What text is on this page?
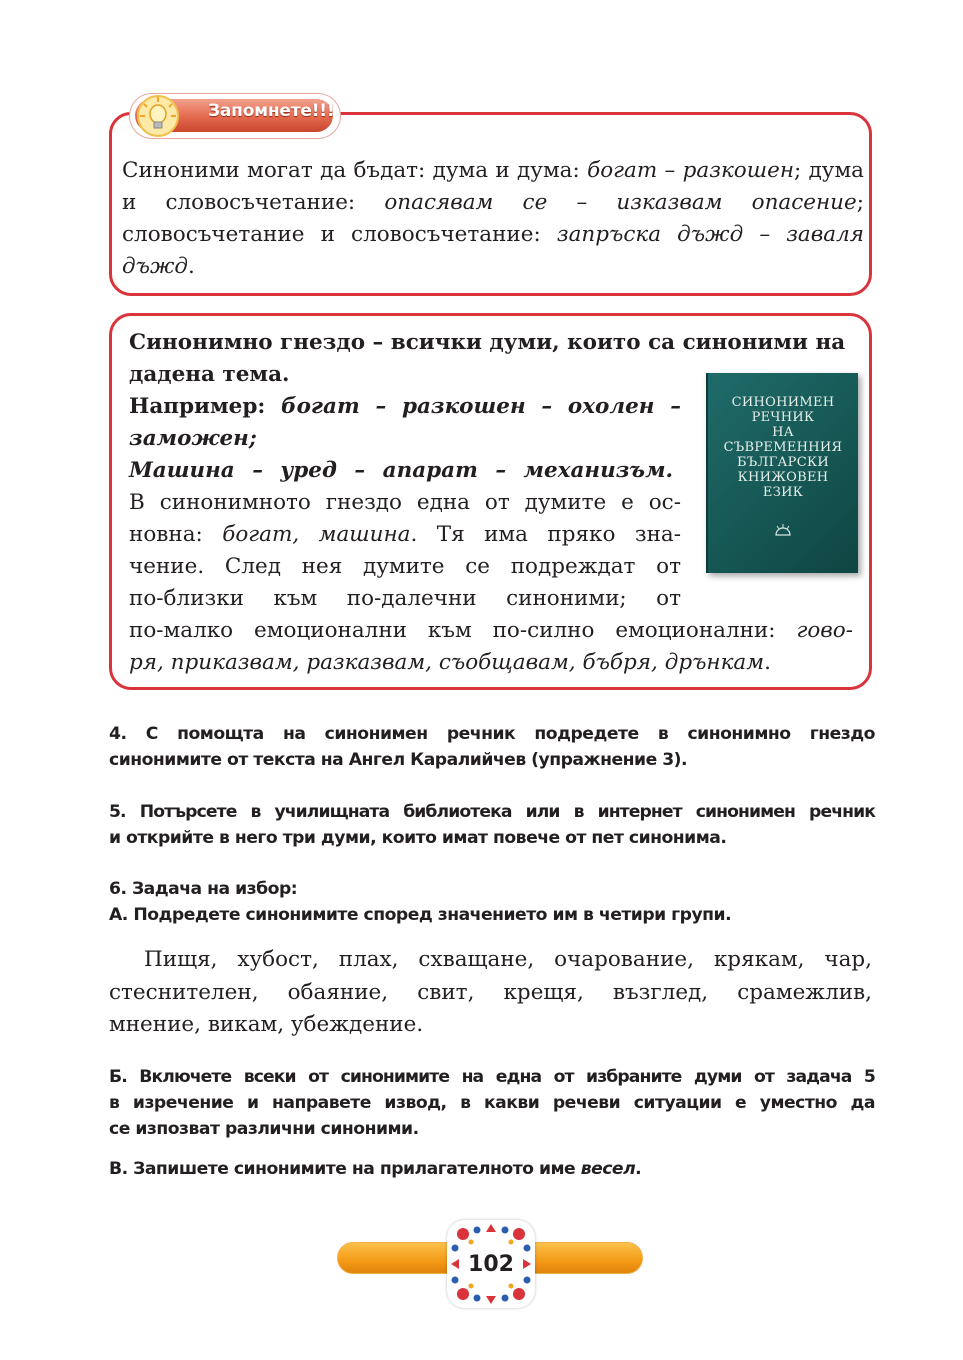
Запомнете!!!

Синоними могат да бъдат: дума и дума: богат – разкошен; дума и словосъчетание: опасявам се – изказвам опасение; словосъчетание и словосъчетание: запръска дъжд – заваля дъжд.

Синонимно гнездо – всички думи, които са синоними на

дадена тема.

Например: богат – разкошен – охолен –

заможен;

Машина – уред – апарат – механизъм.

В синонимното гнездо една от думите е ос-

новна: богат, машина. Тя има пряко зна-

чение. След нея думите се подреждат от

по-близки към по-далечни синоними; от

по-малко емоционални към по-силно емоционални: гово-

ря, приказвам, разказвам, съобщавам, бъбря, дрънкам.

СИНОНИМЕН
РЕЧНИК
НА
СЪВРЕМЕННИЯ
БЪЛГАРСКИ
КНИЖОВЕН
ЕЗИК

4. С помощта на синонимен речник подредете в синонимно гнездо

синонимите от текста на Ангел Каралийчев (упражнение 3).

5. Потърсете в училищната библиотека или в интернет синонимен речник

и открийте в него три думи, които имат повече от пет синонима.

6. Задача на избор:

А. Подредете синонимите според значението им в четири групи.

Пищя, хубост, плах, схващане, очарование, крякам, чар,

стеснителен, обаяние, свит, крещя, възглед, срамежлив,

мнение, викам, убеждение.

Б. Включете всеки от синонимите на една от избраните думи от задача 5

в изречение и направете извод, в какви речеви ситуации е уместно да

се изпозват различни синоними.

В. Запишете синонимите на прилагателното име весел.

102
